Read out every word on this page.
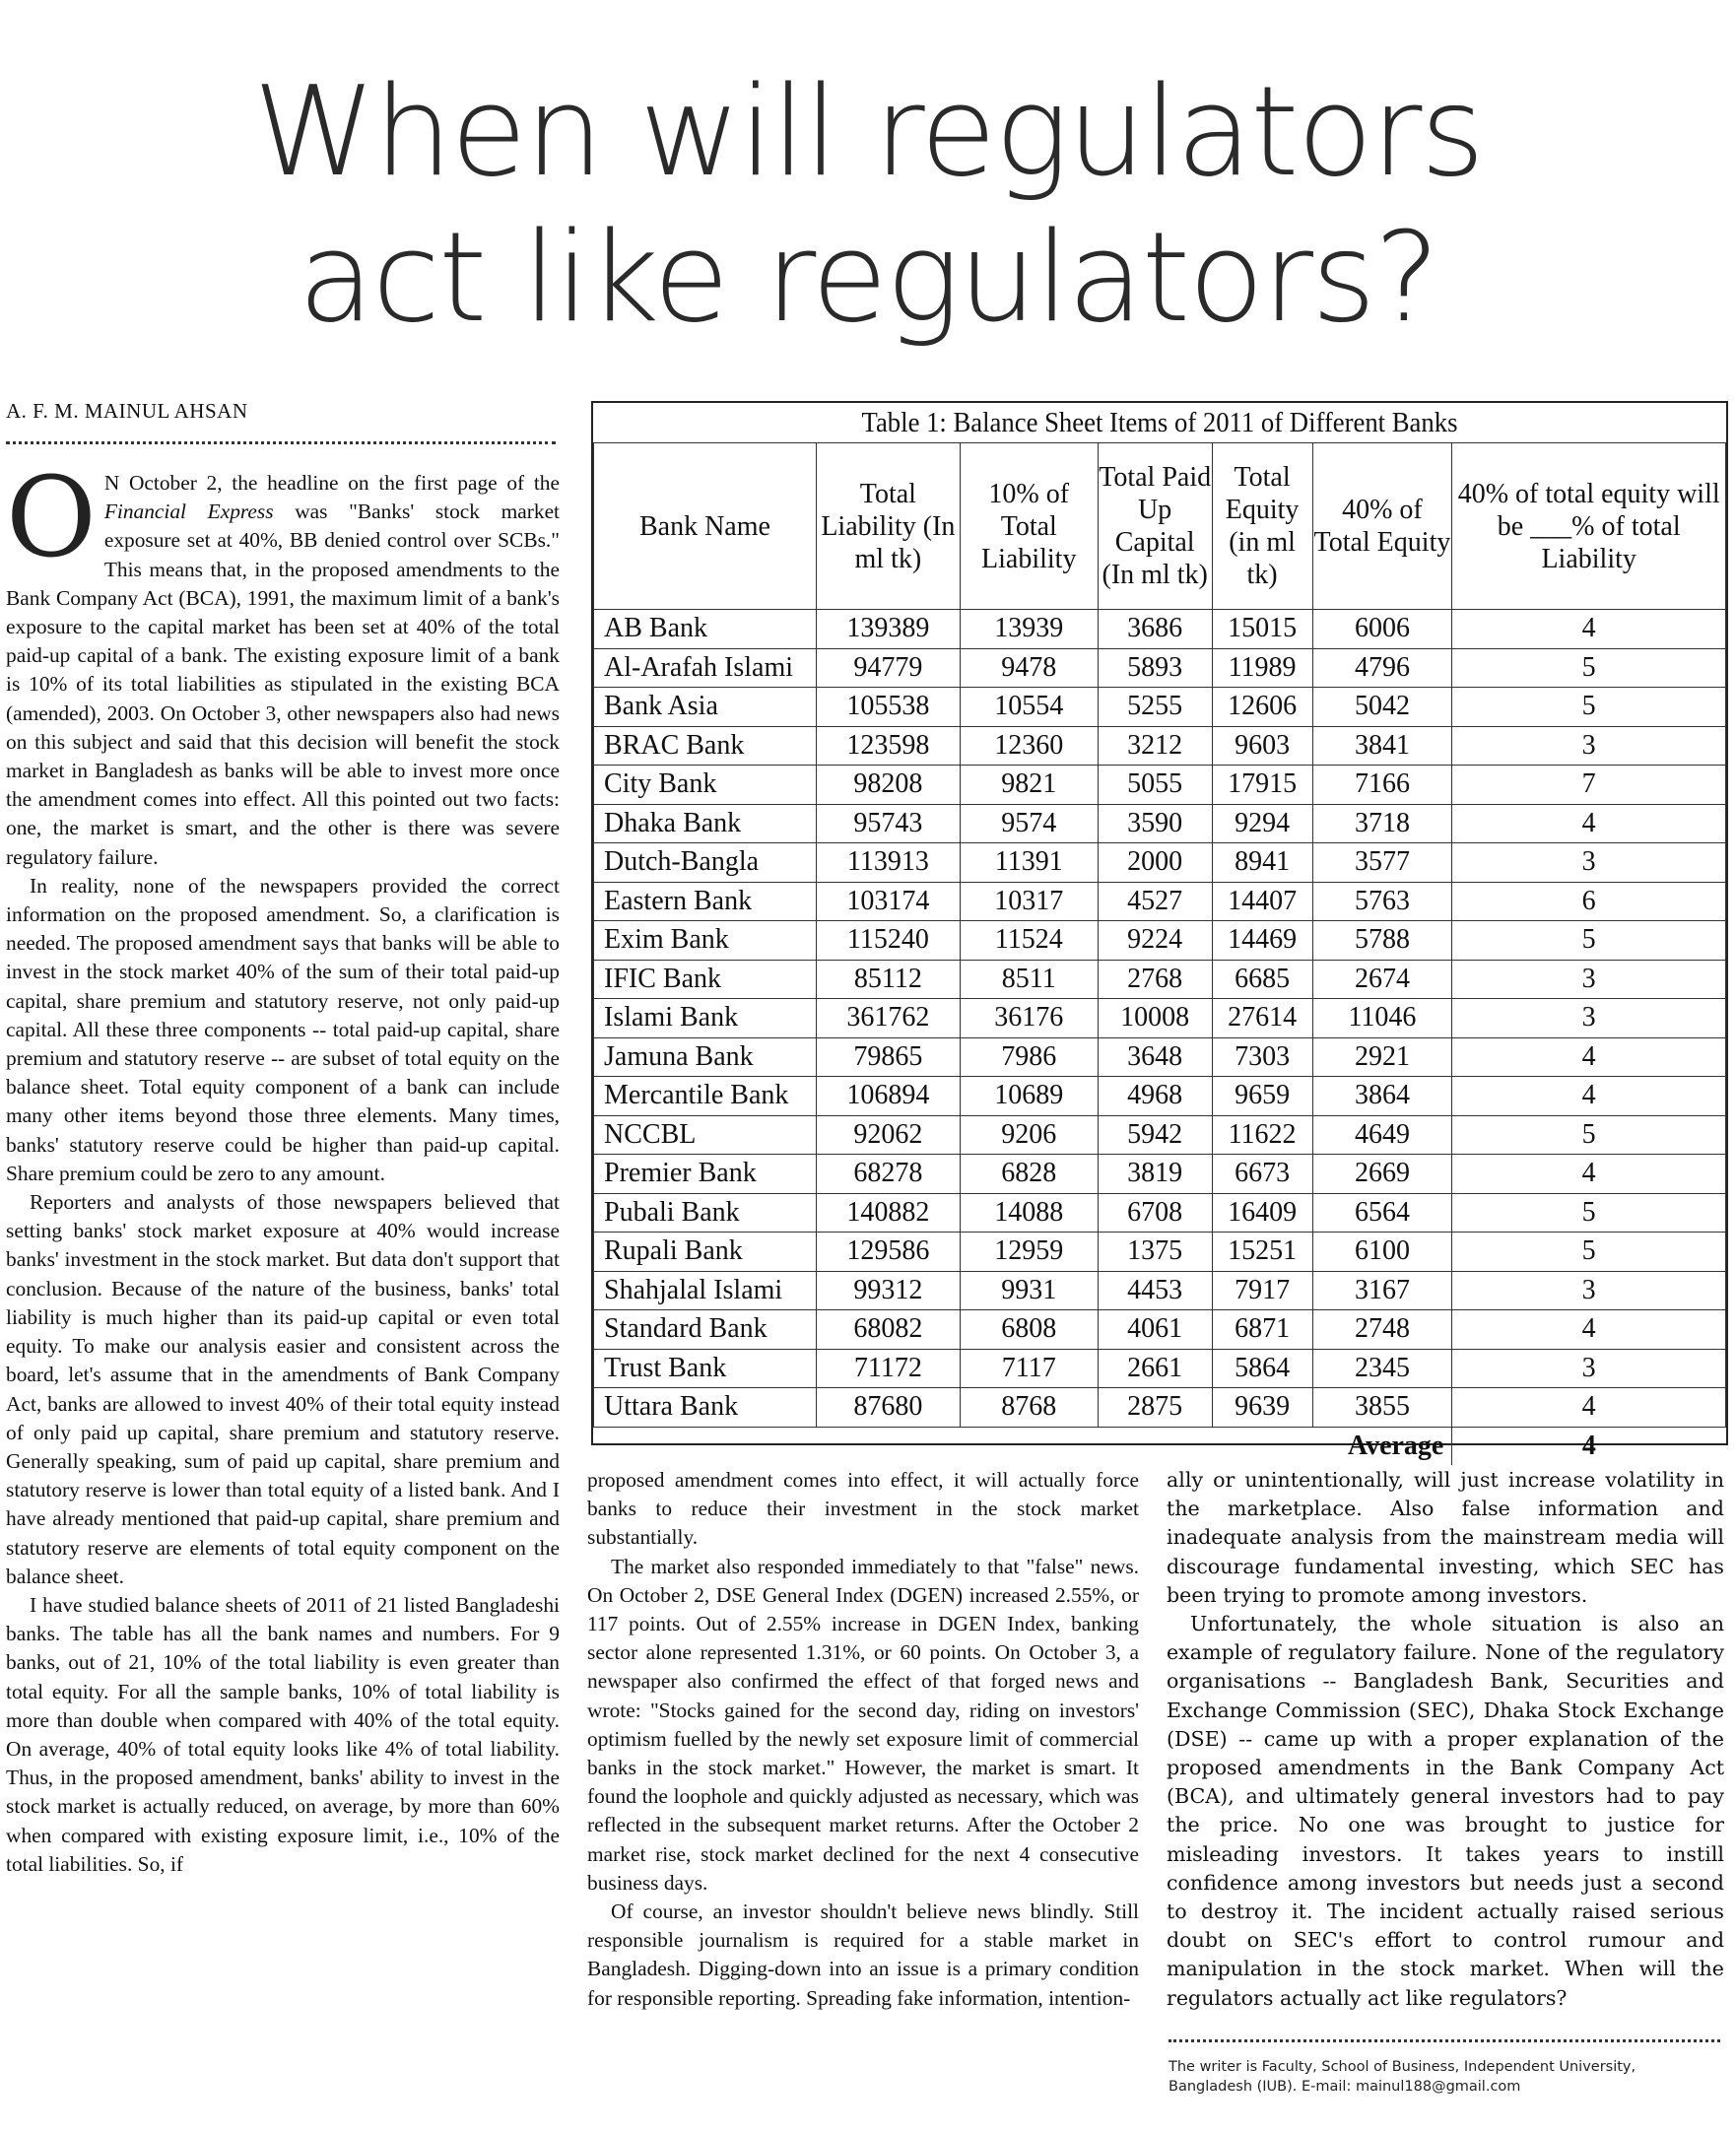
When will regulators
act like regulators?
A. F. M. MAINUL AHSAN

O N October 2, the headline on the first page of the Financial Express was "Banks' stock market exposure set at 40%, BB denied control over SCBs." This means that, in the proposed amendments to the Bank Company Act (BCA), 1991, the maximum limit of a bank's exposure to the capital market has been set at 40% of the total paid-up capital of a bank. The existing exposure limit of a bank is 10% of its total liabilities as stipulated in the existing BCA (amended), 2003. On October 3, other newspapers also had news on this subject and said that this decision will benefit the stock market in Bangladesh as banks will be able to invest more once the amendment comes into effect. All this pointed out two facts: one, the market is smart, and the other is there was severe regulatory failure.

In reality, none of the newspapers provided the correct information on the proposed amendment. So, a clarification is needed. The proposed amendment says that banks will be able to invest in the stock market 40% of the sum of their total paid-up capital, share premium and statutory reserve, not only paid-up capital. All these three components -- total paid-up capital, share premium and statutory reserve -- are subset of total equity on the balance sheet. Total equity component of a bank can include many other items beyond those three elements. Many times, banks' statutory reserve could be higher than paid-up capital. Share premium could be zero to any amount.

Reporters and analysts of those newspapers believed that setting banks' stock market exposure at 40% would increase banks' investment in the stock market. But data don't support that conclusion. Because of the nature of the business, banks' total liability is much higher than its paid-up capital or even total equity. To make our analysis easier and consistent across the board, let's assume that in the amendments of Bank Company Act, banks are allowed to invest 40% of their total equity instead of only paid up capital, share premium and statutory reserve. Generally speaking, sum of paid up capital, share premium and statutory reserve is lower than total equity of a listed bank. And I have already mentioned that paid-up capital, share premium and statutory reserve are elements of total equity component on the balance sheet.

I have studied balance sheets of 2011 of 21 listed Bangladeshi banks. The table has all the bank names and numbers. For 9 banks, out of 21, 10% of the total liability is even greater than total equity. For all the sample banks, 10% of total liability is more than double when compared with 40% of the total equity. On average, 40% of total equity looks like 4% of total liability. Thus, in the proposed amendment, banks' ability to invest in the stock market is actually reduced, on average, by more than 60% when compared with existing exposure limit, i.e., 10% of the total liabilities. So, if

Table 1: Balance Sheet Items of 2011 of Different Banks
Bank Name	Total Liability (In ml tk)	10% of Total Liability	Total Paid Up Capital (In ml tk)	Total Equity (in ml tk)	40% of Total Equity	40% of total equity will be ___% of total Liability
AB Bank	139389	13939	3686	15015	6006	4
Al-Arafah Islami	94779	9478	5893	11989	4796	5
Bank Asia	105538	10554	5255	12606	5042	5
BRAC Bank	123598	12360	3212	9603	3841	3
City Bank	98208	9821	5055	17915	7166	7
Dhaka Bank	95743	9574	3590	9294	3718	4
Dutch-Bangla	113913	11391	2000	8941	3577	3
Eastern Bank	103174	10317	4527	14407	5763	6
Exim Bank	115240	11524	9224	14469	5788	5
IFIC Bank	85112	8511	2768	6685	2674	3
Islami Bank	361762	36176	10008	27614	11046	3
Jamuna Bank	79865	7986	3648	7303	2921	4
Mercantile Bank	106894	10689	4968	9659	3864	4
NCCBL	92062	9206	5942	11622	4649	5
Premier Bank	68278	6828	3819	6673	2669	4
Pubali Bank	140882	14088	6708	16409	6564	5
Rupali Bank	129586	12959	1375	15251	6100	5
Shahjalal Islami	99312	9931	4453	7917	3167	3
Standard Bank	68082	6808	4061	6871	2748	4
Trust Bank	71172	7117	2661	5864	2345	3
Uttara Bank	87680	8768	2875	9639	3855	4
Average						4

proposed amendment comes into effect, it will actually force banks to reduce their investment in the stock market substantially.

The market also responded immediately to that "false" news. On October 2, DSE General Index (DGEN) increased 2.55%, or 117 points. Out of 2.55% increase in DGEN Index, banking sector alone represented 1.31%, or 60 points. On October 3, a newspaper also confirmed the effect of that forged news and wrote: "Stocks gained for the second day, riding on investors' optimism fuelled by the newly set exposure limit of commercial banks in the stock market." However, the market is smart. It found the loophole and quickly adjusted as necessary, which was reflected in the subsequent market returns. After the October 2 market rise, stock market declined for the next 4 consecutive business days.

Of course, an investor shouldn't believe news blindly. Still responsible journalism is required for a stable market in Bangladesh. Digging-down into an issue is a primary condition for responsible reporting. Spreading fake information, intention-

ally or unintentionally, will just increase volatility in the marketplace. Also false information and inadequate analysis from the mainstream media will discourage fundamental investing, which SEC has been trying to promote among investors.

Unfortunately, the whole situation is also an example of regulatory failure. None of the regulatory organisations -- Bangladesh Bank, Securities and Exchange Commission (SEC), Dhaka Stock Exchange (DSE) -- came up with a proper explanation of the proposed amendments in the Bank Company Act (BCA), and ultimately general investors had to pay the price. No one was brought to justice for misleading investors. It takes years to instill confidence among investors but needs just a second to destroy it. The incident actually raised serious doubt on SEC's effort to control rumour and manipulation in the stock market. When will the regulators actually act like regulators?

The writer is Faculty, School of Business, Independent University, Bangladesh (IUB). E-mail: mainul188@gmail.com
